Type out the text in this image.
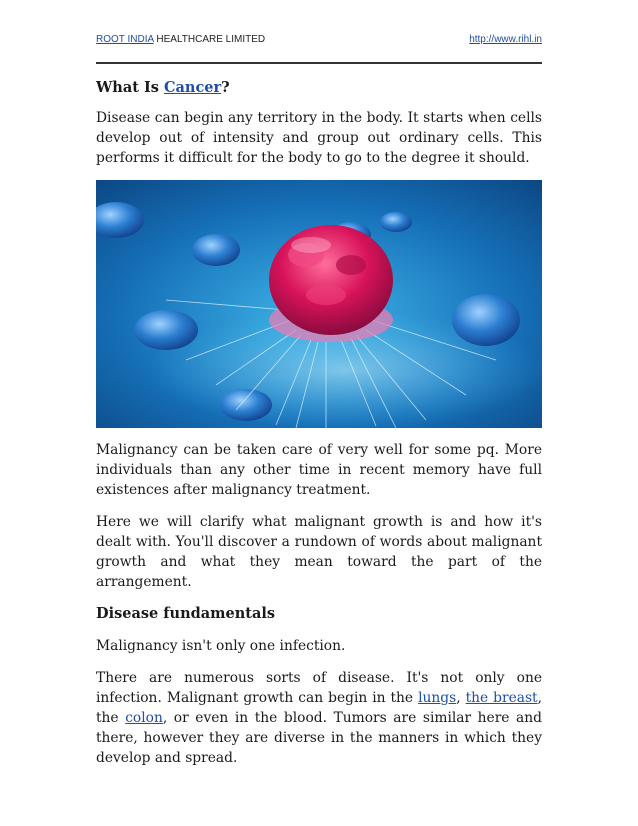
ROOT INDIA HEALTHCARE LIMITED	http://www.rihl.in

What Is Cancer?

Disease can begin any territory in the body. It starts when cells develop out of intensity and group out ordinary cells. This performs it difficult for the body to go to the degree it should.

Malignancy can be taken care of very well for some pq. More individuals than any other time in recent memory have full existences after malignancy treatment.

Here we will clarify what malignant growth is and how it's dealt with. You'll discover a rundown of words about malignant growth and what they mean toward the part of the arrangement.

Disease fundamentals

Malignancy isn't only one infection.

There are numerous sorts of disease. It's not only one infection. Malignant growth can begin in the lungs, the breast, the colon, or even in the blood. Tumors are similar here and there, however they are diverse in the manners in which they develop and spread.
